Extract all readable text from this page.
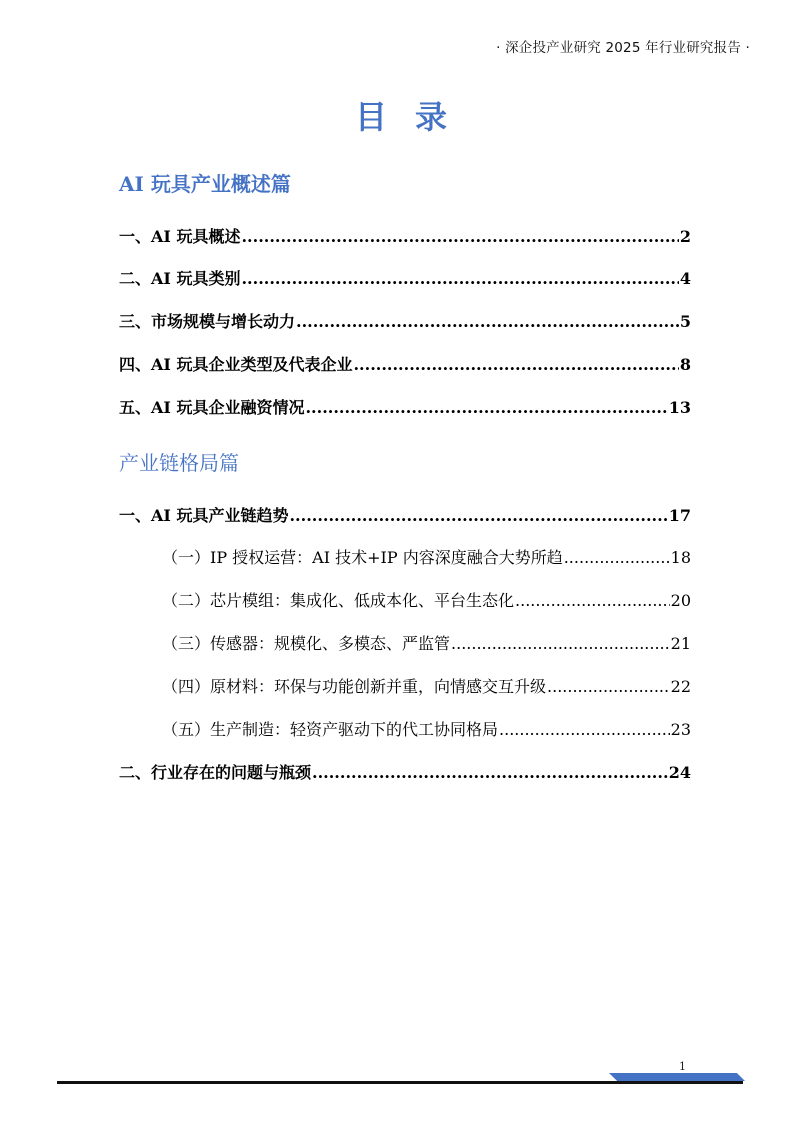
· 深企投产业研究 2025 年行业研究报告 ·
目录
AI 玩具产业概述篇
一、AI 玩具概述 .....	2
二、AI 玩具类别 .....	4
三、市场规模与增长动力 .....	5
四、AI 玩具企业类型及代表企业 .....	8
五、AI 玩具企业融资情况 .....	13
产业链格局篇
一、AI 玩具产业链趋势 .....	17
（一）IP 授权运营：AI 技术+IP 内容深度融合大势所趋 .....	18
（二）芯片模组：集成化、低成本化、平台生态化 .....	20
（三）传感器：规模化、多模态、严监管 .....	21
（四）原材料：环保与功能创新并重，向情感交互升级 .....	22
（五）生产制造：轻资产驱动下的代工协同格局 .....	23
二、行业存在的问题与瓶颈 .....	24
1
